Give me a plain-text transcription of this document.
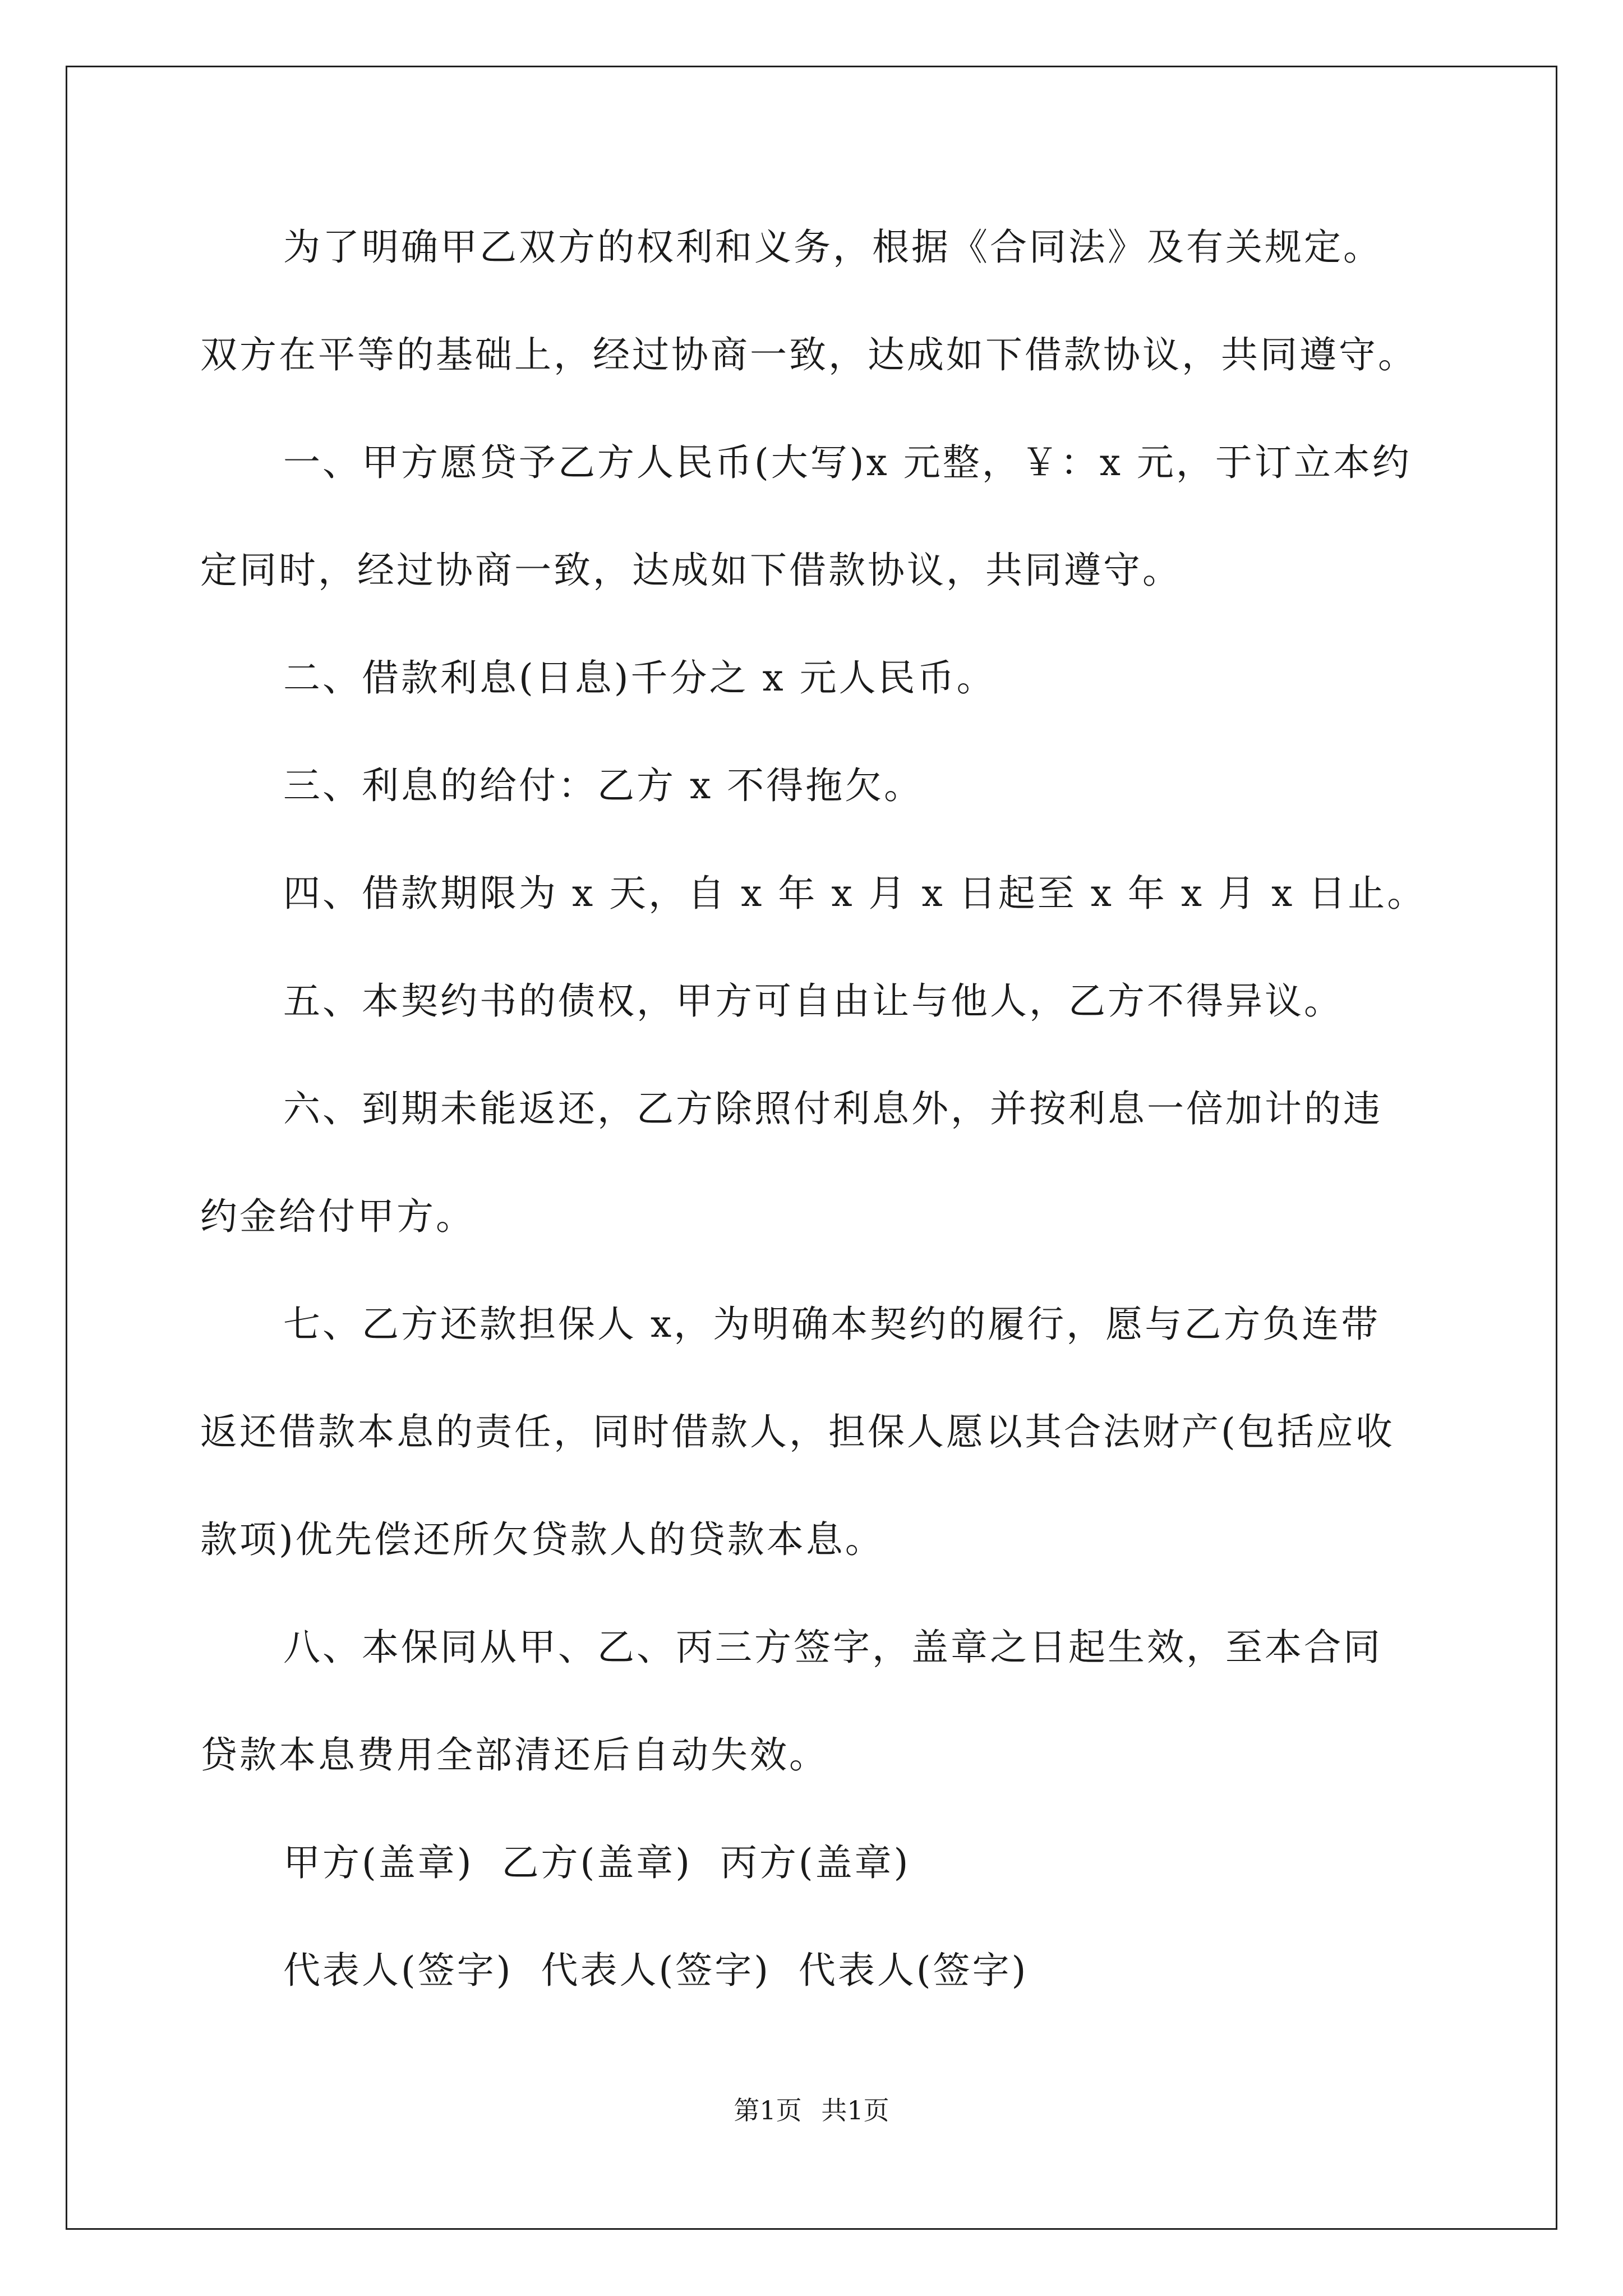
为了明确甲乙双方的权利和义务，根据《合同法》及有关规定。

双方在平等的基础上，经过协商一致，达成如下借款协议，共同遵守。

一、甲方愿贷予乙方人民币(大写)x 元整，￥：x 元，于订立本约

定同时，经过协商一致，达成如下借款协议，共同遵守。

二、借款利息(日息)千分之 x 元人民币。

三、利息的给付：乙方 x 不得拖欠。

四、借款期限为 x 天，自 x 年 x 月 x 日起至 x 年 x 月 x 日止。

五、本契约书的债权，甲方可自由让与他人，乙方不得异议。

六、到期未能返还，乙方除照付利息外，并按利息一倍加计的违

约金给付甲方。

七、乙方还款担保人 x，为明确本契约的履行，愿与乙方负连带

返还借款本息的责任，同时借款人，担保人愿以其合法财产(包括应收

款项)优先偿还所欠贷款人的贷款本息。

八、本保同从甲、乙、丙三方签字，盖章之日起生效，至本合同

贷款本息费用全部清还后自动失效。

甲方(盖章)  乙方(盖章)  丙方(盖章)

代表人(签字)  代表人(签字)  代表人(签字)

第1页 共1页
